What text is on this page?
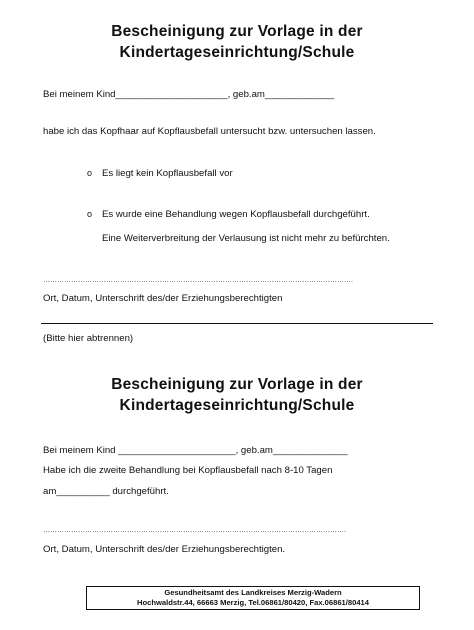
Bescheinigung zur Vorlage in der
Kindertageseinrichtung/Schule
Bei meinem Kind_____________________, geb.am_____________
habe ich das Kopfhaar auf Kopflausbefall untersucht bzw. untersuchen lassen.
o Es liegt kein Kopflausbefall vor
o Es wurde eine Behandlung wegen Kopflausbefall durchgeführt.
Eine Weiterverbreitung der Verlausung ist nicht mehr zu befürchten.
…………………………………………………………………………………………………………………….
Ort, Datum, Unterschrift des/der Erziehungsberechtigten
(Bitte hier abtrennen)
Bescheinigung zur Vorlage in der
Kindertageseinrichtung/Schule
Bei meinem Kind ______________________, geb.am______________
Habe ich die zweite Behandlung bei Kopflausbefall nach 8-10 Tagen
am__________ durchgeführt.
………………………………………………………………………………………………………………….
Ort, Datum, Unterschrift des/der Erziehungsberechtigten.
Gesundheitsamt des Landkreises Merzig-Wadern
Hochwaldstr.44, 66663 Merzig, Tel.06861/80420, Fax.06861/80414
